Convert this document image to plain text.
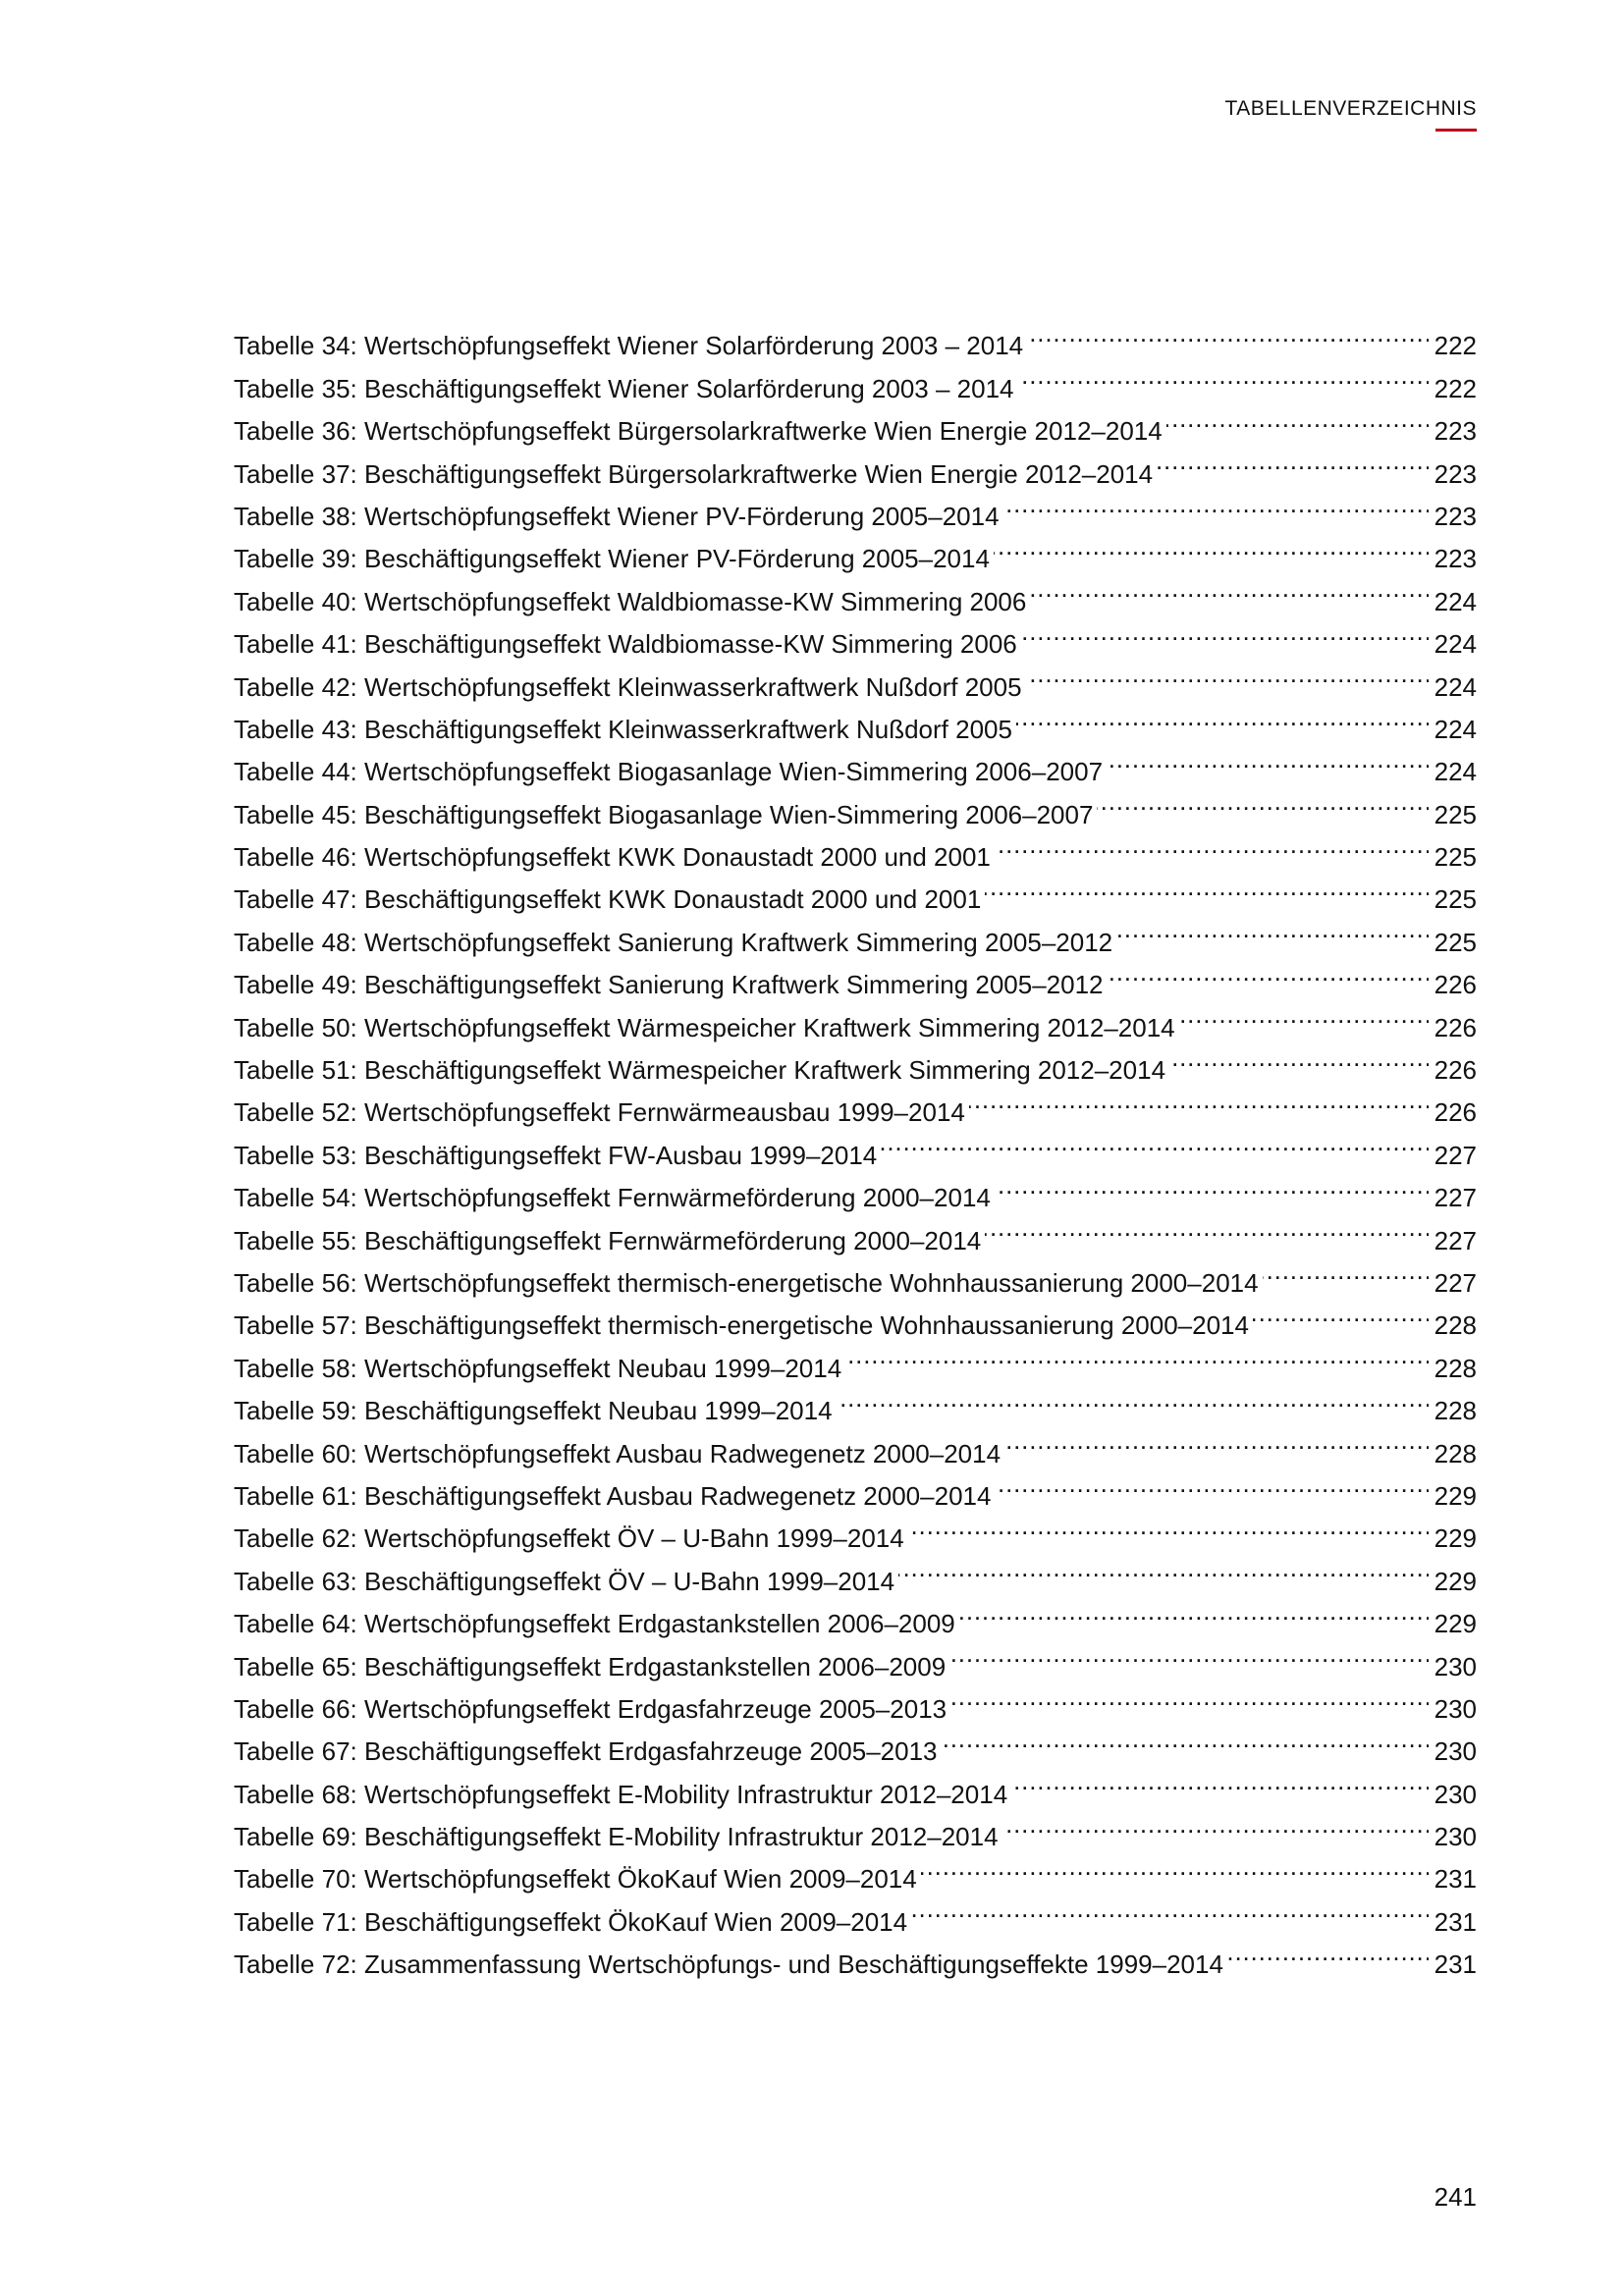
TABELLENVERZEICHNIS
Tabelle 34: Wertschöpfungseffekt Wiener Solarförderung 2003 – 2014 . . .	222
Tabelle 35: Beschäftigungseffekt Wiener Solarförderung 2003 – 2014 . . .	222
Tabelle 36: Wertschöpfungseffekt Bürgersolarkraftwerke Wien Energie 2012–2014 . . .	223
Tabelle 37: Beschäftigungseffekt Bürgersolarkraftwerke Wien Energie 2012–2014 . . .	223
Tabelle 38: Wertschöpfungseffekt Wiener PV-Förderung 2005–2014 . . .	223
Tabelle 39: Beschäftigungseffekt Wiener PV-Förderung 2005–2014 . . .	223
Tabelle 40: Wertschöpfungseffekt Waldbiomasse-KW Simmering 2006 . . .	224
Tabelle 41: Beschäftigungseffekt Waldbiomasse-KW Simmering 2006 . . .	224
Tabelle 42: Wertschöpfungseffekt Kleinwasserkraftwerk Nußdorf 2005 . . .	224
Tabelle 43: Beschäftigungseffekt Kleinwasserkraftwerk Nußdorf 2005 . . .	224
Tabelle 44: Wertschöpfungseffekt Biogasanlage Wien-Simmering 2006–2007 . . .	224
Tabelle 45: Beschäftigungseffekt Biogasanlage Wien-Simmering 2006–2007 . . .	225
Tabelle 46: Wertschöpfungseffekt KWK Donaustadt 2000 und 2001 . . .	225
Tabelle 47: Beschäftigungseffekt KWK Donaustadt 2000 und 2001 . . .	225
Tabelle 48: Wertschöpfungseffekt Sanierung Kraftwerk Simmering 2005–2012 . . .	225
Tabelle 49: Beschäftigungseffekt Sanierung Kraftwerk Simmering 2005–2012 . . .	226
Tabelle 50: Wertschöpfungseffekt Wärmespeicher Kraftwerk Simmering 2012–2014 . . .	226
Tabelle 51: Beschäftigungseffekt Wärmespeicher Kraftwerk Simmering 2012–2014 . . .	226
Tabelle 52: Wertschöpfungseffekt Fernwärmeausbau 1999–2014 . . .	226
Tabelle 53: Beschäftigungseffekt FW-Ausbau 1999–2014 . . .	227
Tabelle 54: Wertschöpfungseffekt Fernwärmeförderung 2000–2014 . . .	227
Tabelle 55: Beschäftigungseffekt Fernwärmeförderung 2000–2014 . . .	227
Tabelle 56: Wertschöpfungseffekt thermisch-energetische Wohnhaussanierung 2000–2014 . . .	227
Tabelle 57: Beschäftigungseffekt thermisch-energetische Wohnhaussanierung 2000–2014 . . .	228
Tabelle 58: Wertschöpfungseffekt Neubau 1999–2014 . . .	228
Tabelle 59: Beschäftigungseffekt Neubau 1999–2014 . . .	228
Tabelle 60: Wertschöpfungseffekt Ausbau Radwegenetz 2000–2014 . . .	228
Tabelle 61: Beschäftigungseffekt Ausbau Radwegenetz 2000–2014 . . .	229
Tabelle 62: Wertschöpfungseffekt ÖV – U-Bahn 1999–2014 . . .	229
Tabelle 63: Beschäftigungseffekt ÖV – U-Bahn 1999–2014 . . .	229
Tabelle 64: Wertschöpfungseffekt Erdgastankstellen 2006–2009 . . .	229
Tabelle 65: Beschäftigungseffekt Erdgastankstellen 2006–2009 . . .	230
Tabelle 66: Wertschöpfungseffekt Erdgasfahrzeuge 2005–2013 . . .	230
Tabelle 67: Beschäftigungseffekt Erdgasfahrzeuge 2005–2013 . . .	230
Tabelle 68: Wertschöpfungseffekt E-Mobility Infrastruktur 2012–2014 . . .	230
Tabelle 69: Beschäftigungseffekt E-Mobility Infrastruktur 2012–2014 . . .	230
Tabelle 70: Wertschöpfungseffekt ÖkoKauf Wien 2009–2014 . . .	231
Tabelle 71: Beschäftigungseffekt ÖkoKauf Wien 2009–2014 . . .	231
Tabelle 72: Zusammenfassung Wertschöpfungs- und Beschäftigungseffekte 1999–2014 . . .	231
241
